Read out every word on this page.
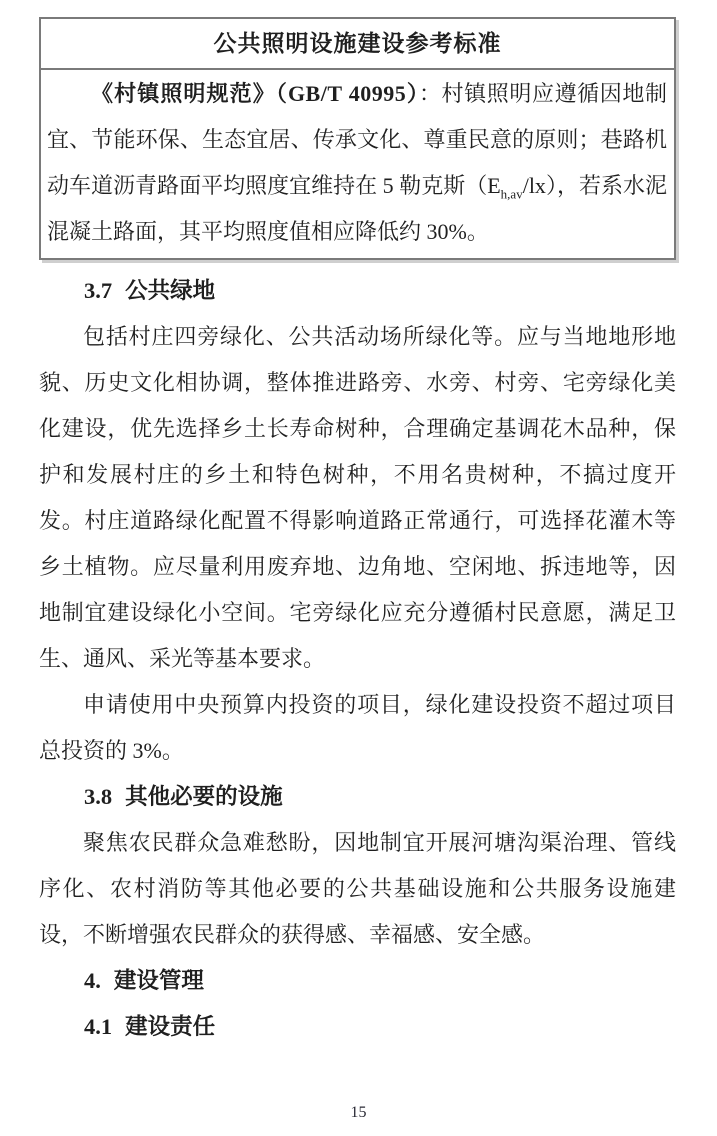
公共照明设施建设参考标准
《村镇照明规范》（GB/T 40995）：村镇照明应遵循因地制宜、节能环保、生态宜居、传承文化、尊重民意的原则；巷路机动车道沥青路面平均照度宜维持在 5 勒克斯$(E_{h,av}/lx)$，若系水泥混凝土路面，其平均照度值相应降低约 30%。
3.7 公共绿地

包括村庄四旁绿化、公共活动场所绿化等。应与当地地形地貌、历史文化相协调，整体推进路旁、水旁、村旁、宅旁绿化美化建设，优先选择乡土长寿命树种，合理确定基调花木品种，保护和发展村庄的乡土和特色树种，不用名贵树种，不搞过度开发。村庄道路绿化配置不得影响道路正常通行，可选择花灌木等乡土植物。应尽量利用废弃地、边角地、空闲地、拆违地等，因地制宜建设绿化小空间。宅旁绿化应充分遵循村民意愿，满足卫生、通风、采光等基本要求。

申请使用中央预算内投资的项目，绿化建设投资不超过项目总投资的 3%。

3.8 其他必要的设施

聚焦农民群众急难愁盼，因地制宜开展河塘沟渠治理、管线序化、农村消防等其他必要的公共基础设施和公共服务设施建设，不断增强农民群众的获得感、幸福感、安全感。

4. 建设管理
4.1 建设责任
15
